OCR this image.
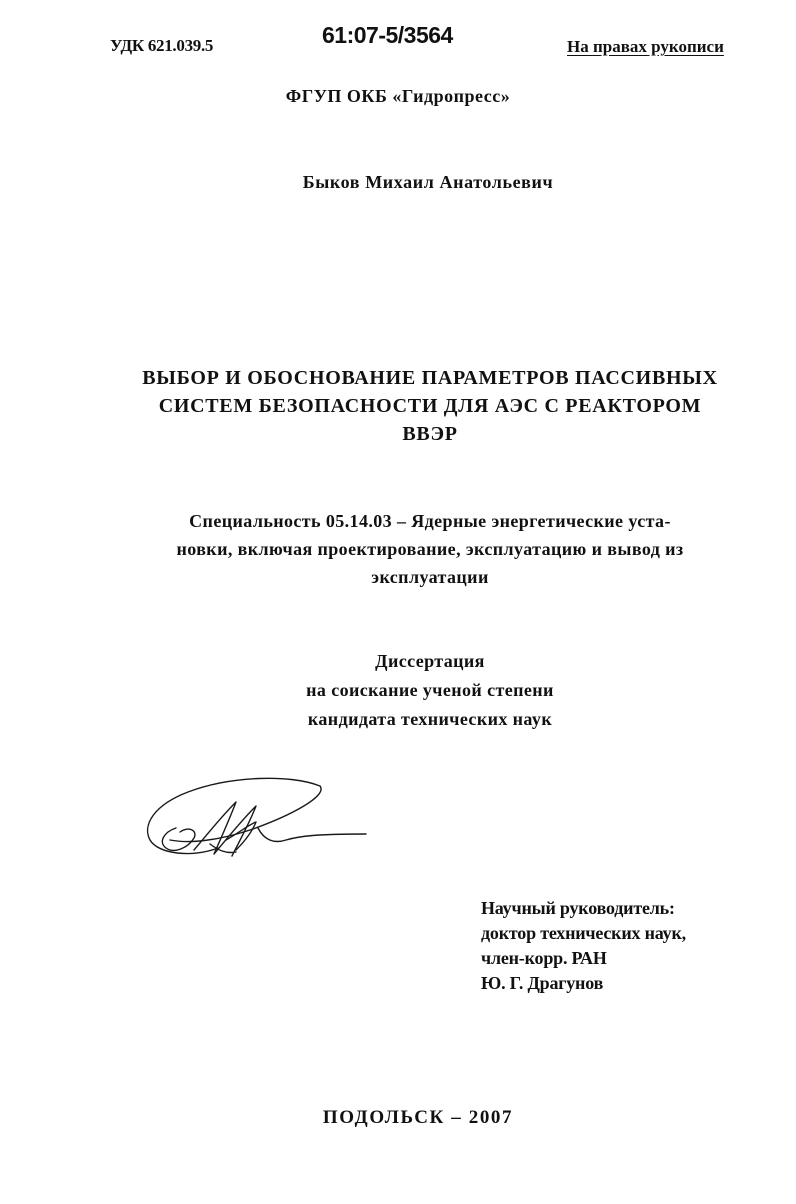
УДК 621.039.5	61:07-5/3564	На правах рукописи
ФГУП ОКБ «Гидропресс»
Быков Михаил Анатольевич
ВЫБОР И ОБОСНОВАНИЕ ПАРАМЕТРОВ ПАССИВНЫХ
СИСТЕМ БЕЗОПАСНОСТИ ДЛЯ АЭС С РЕАКТОРОМ
ВВЭР
Специальность 05.14.03 – Ядерные энергетические уста-
новки, включая проектирование, эксплуатацию и вывод из
эксплуатации
Диссертация
на соискание ученой степени
кандидата технических наук
Научный руководитель:
доктор технических наук,
член-корр. РАН
Ю. Г. Драгунов
ПОДОЛЬСК – 2007
